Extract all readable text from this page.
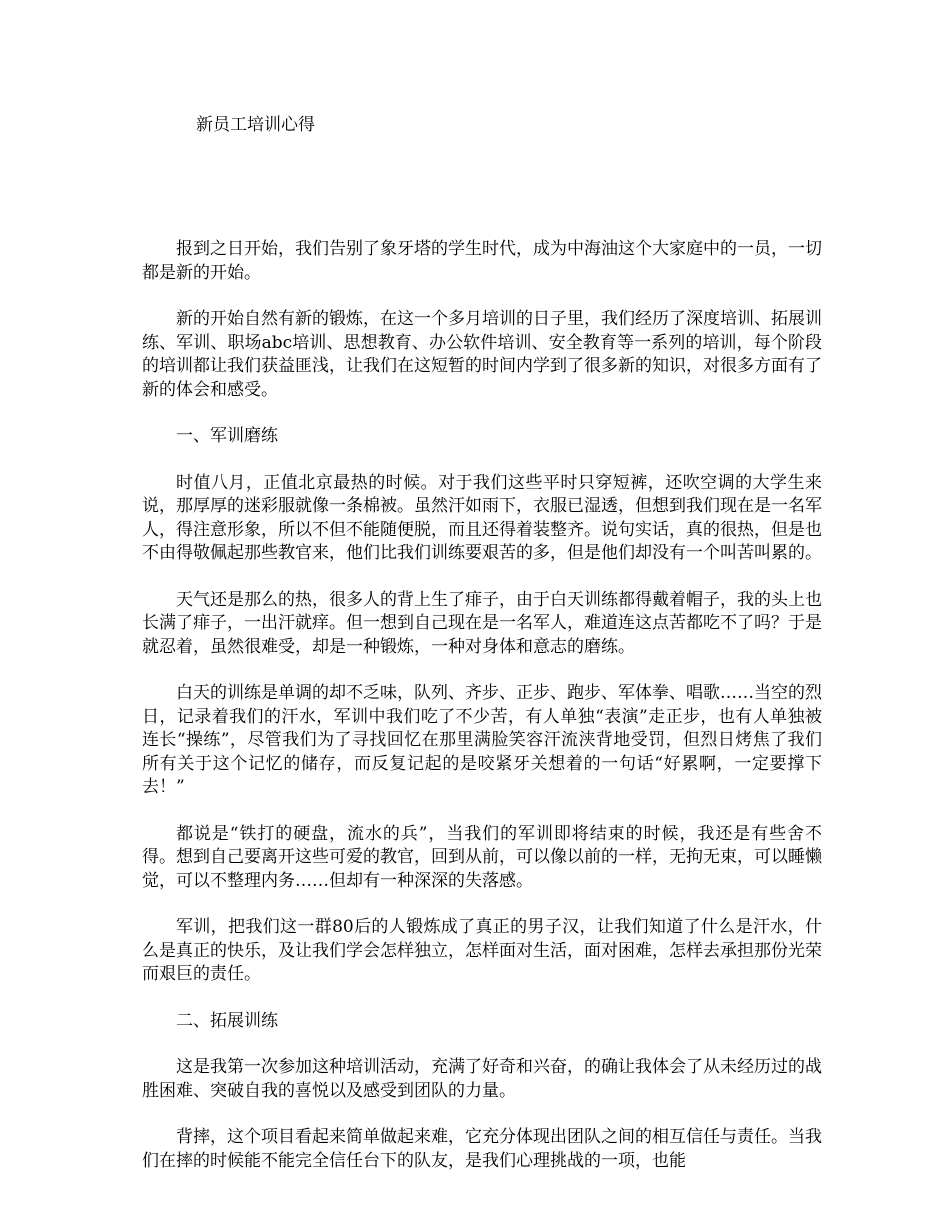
新员工培训心得

报到之日开始，我们告别了象牙塔的学生时代，成为中海油这个大家庭中的一员，一切都是新的开始。

新的开始自然有新的锻炼，在这一个多月培训的日子里，我们经历了深度培训、拓展训练、军训、职场abc培训、思想教育、办公软件培训、安全教育等一系列的培训，每个阶段的培训都让我们获益匪浅，让我们在这短暂的时间内学到了很多新的知识，对很多方面有了新的体会和感受。

一、军训磨练

时值八月，正值北京最热的时候。对于我们这些平时只穿短裤，还吹空调的大学生来说，那厚厚的迷彩服就像一条棉被。虽然汗如雨下，衣服已湿透，但想到我们现在是一名军人，得注意形象，所以不但不能随便脱，而且还得着装整齐。说句实话，真的很热，但是也不由得敬佩起那些教官来，他们比我们训练要艰苦的多，但是他们却没有一个叫苦叫累的。

天气还是那么的热，很多人的背上生了痱子，由于白天训练都得戴着帽子，我的头上也长满了痱子，一出汗就痒。但一想到自己现在是一名军人，难道连这点苦都吃不了吗？于是就忍着，虽然很难受，却是一种锻炼，一种对身体和意志的磨练。

白天的训练是单调的却不乏味，队列、齐步、正步、跑步、军体拳、唱歌……当空的烈日，记录着我们的汗水，军训中我们吃了不少苦，有人单独“表演”走正步，也有人单独被连长“操练”，尽管我们为了寻找回忆在那里满脸笑容汗流浃背地受罚，但烈日烤焦了我们所有关于这个记忆的储存，而反复记起的是咬紧牙关想着的一句话“好累啊，一定要撑下去！”

都说是“铁打的硬盘，流水的兵”，当我们的军训即将结束的时候，我还是有些舍不得。想到自己要离开这些可爱的教官，回到从前，可以像以前的一样，无拘无束，可以睡懒觉，可以不整理内务……但却有一种深深的失落感。

军训，把我们这一群80后的人锻炼成了真正的男子汉，让我们知道了什么是汗水，什么是真正的快乐，及让我们学会怎样独立，怎样面对生活，面对困难，怎样去承担那份光荣而艰巨的责任。

二、拓展训练

这是我第一次参加这种培训活动，充满了好奇和兴奋，的确让我体会了从未经历过的战胜困难、突破自我的喜悦以及感受到团队的力量。

背摔，这个项目看起来简单做起来难，它充分体现出团队之间的相互信任与责任。当我们在摔的时候能不能完全信任台下的队友，是我们心理挑战的一项，也能
